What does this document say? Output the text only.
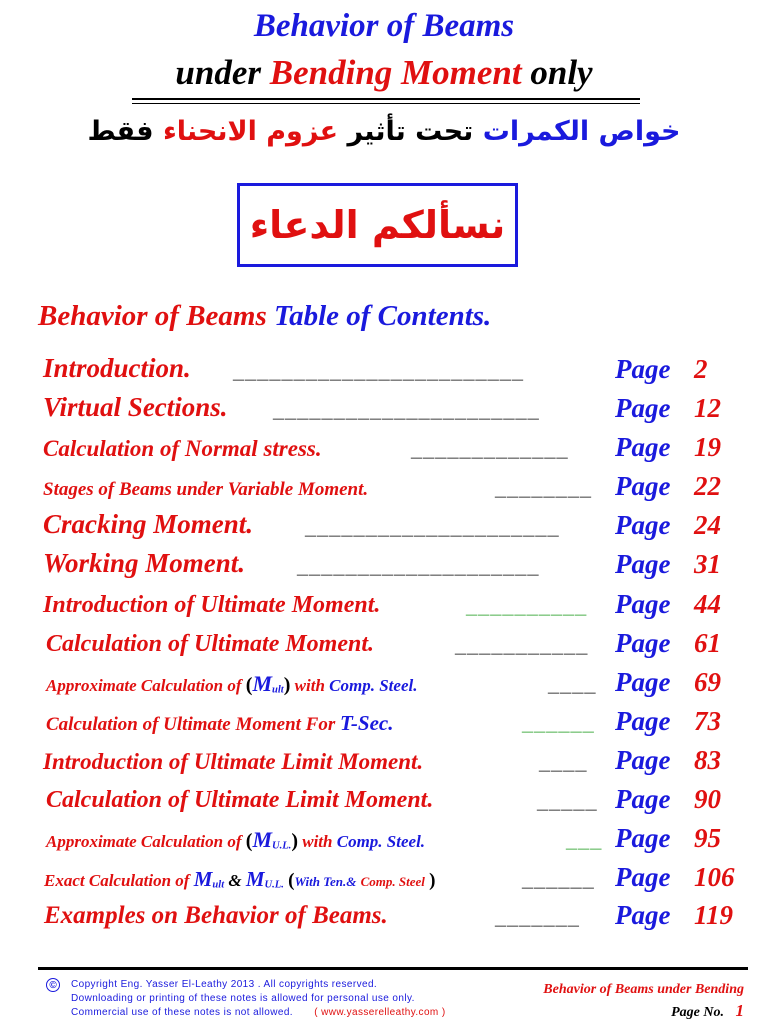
Behavior of Beams
under Bending Moment only
خواص الكمرات تحت تأثير عزوم الانحناء فقط
نسألكم الدعاء
Behavior of Beams Table of Contents.
Introduction. ________________________	Page 2
Virtual Sections. ______________________	Page 12
Calculation of Normal stress.	_____________ Page 19
Stages of Beams under Variable Moment.	________ Page 22
Cracking Moment.	_____________________ Page 24
Working Moment.	____________________	Page 31
Introduction of Ultimate Moment.	__________ Page 44
Calculation of Ultimate Moment.	___________ Page 61
Approximate Calculation of (Mult) with Comp. Steel.	____ Page 69
Calculation of Ultimate Moment For T-Sec.	______ Page 73
Introduction of Ultimate Limit Moment.	____ Page 83
Calculation of Ultimate Limit Moment.	_____ Page 90
Approximate Calculation of (MU.L.) with Comp. Steel.	___ Page 95
Exact Calculation of Mult & MU.L. (With Ten.& Comp. Steel )	______ Page 106
Examples on Behavior of Beams.	_______ Page 119
©	Copyright Eng. Yasser El-Leathy 2013 . All copyrights reserved.
Downloading or printing of these notes is allowed for personal use only.
Commercial use of these notes is not allowed. ( www.yasserelleathy.com )
Behavior of Beams under Bending
Page No. 1
